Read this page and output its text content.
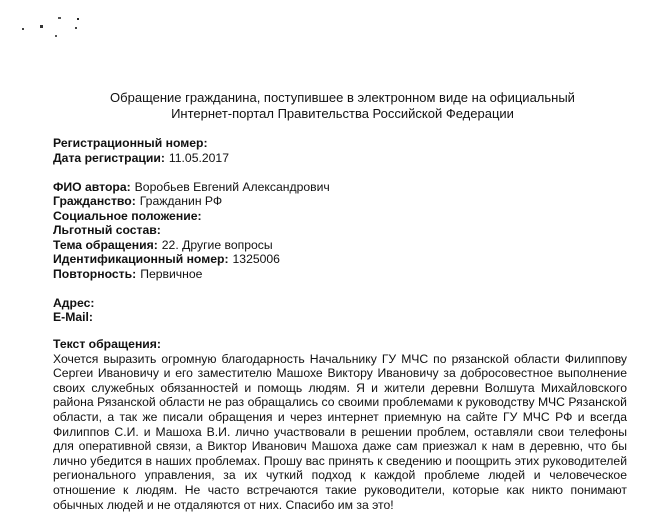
Обращение гражданина, поступившее в электронном виде на официальный
Интернет-портал Правительства Российской Федерации
Регистрационный номер:
Дата регистрации: 11.05.2017
ФИО автора: Воробьев Евгений Александрович
Гражданство: Гражданин РФ
Социальное положение:
Льготный состав:
Тема обращения: 22. Другие вопросы
Идентификационный номер: 1325006
Повторность: Первичное
Адрес:
E-Mail:
Текст обращения:
Хочется выразить огромную благодарность Начальнику ГУ МЧС по рязанской области Филиппову Сергеи Ивановичу и его заместителю Машохе Виктору Ивановичу за добросовестное выполнение своих служебных обязанностей и помощь людям. Я и жители деревни Волшута Михайловского района Рязанской области не раз обращались со своими проблемами к руководству МЧС Рязанской области, а так же писали обращения и через интернет приемную на сайте ГУ МЧС РФ и всегда Филиппов С.И. и Машоха В.И. лично участвовали в решении проблем, оставляли свои телефоны для оперативной связи, а Виктор Иванович Машоха даже сам приезжал к нам в деревню, что бы лично убедится в наших проблемах. Прошу вас принять к сведению и поощрить этих руководителей регионального управления, за их чуткий подход к каждой проблеме людей и человеческое отношение к людям. Не часто встречаются такие руководители, которые как никто понимают обычных людей и не отдаляются от них. Спасибо им за это!
